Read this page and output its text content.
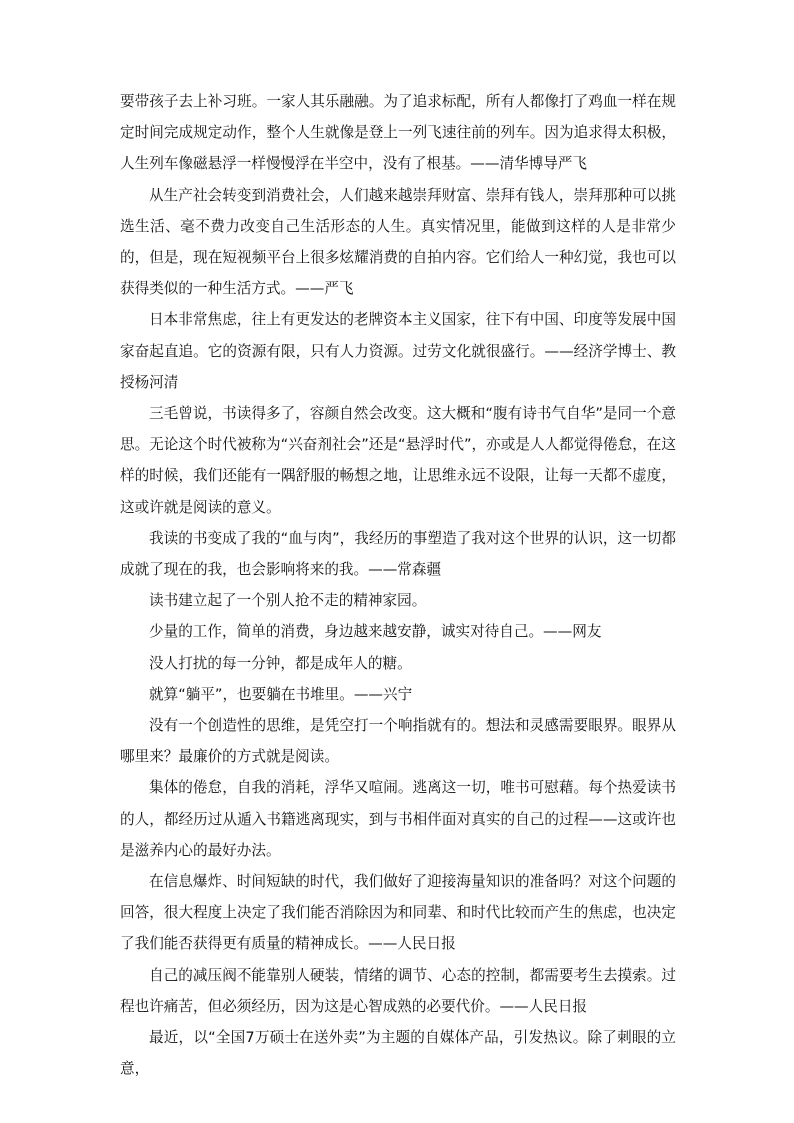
要带孩子去上补习班。一家人其乐融融。为了追求标配，所有人都像打了鸡血一样在规定时间完成规定动作，整个人生就像是登上一列飞速往前的列车。因为追求得太积极，人生列车像磁悬浮一样慢慢浮在半空中，没有了根基。——清华博导严飞

从生产社会转变到消费社会，人们越来越崇拜财富、崇拜有钱人，崇拜那种可以挑选生活、毫不费力改变自己生活形态的人生。真实情况里，能做到这样的人是非常少的，但是，现在短视频平台上很多炫耀消费的自拍内容。它们给人一种幻觉，我也可以获得类似的一种生活方式。——严飞

日本非常焦虑，往上有更发达的老牌资本主义国家，往下有中国、印度等发展中国家奋起直追。它的资源有限，只有人力资源。过劳文化就很盛行。——经济学博士、教授杨河清

三毛曾说，书读得多了，容颜自然会改变。这大概和“腹有诗书气自华”是同一个意思。无论这个时代被称为“兴奋剂社会”还是“悬浮时代”，亦或是人人都觉得倦怠，在这样的时候，我们还能有一隅舒服的畅想之地，让思维永远不设限，让每一天都不虚度，这或许就是阅读的意义。

我读的书变成了我的“血与肉”，我经历的事塑造了我对这个世界的认识，这一切都成就了现在的我，也会影响将来的我。——常森疆

读书建立起了一个别人抢不走的精神家园。

少量的工作，简单的消费，身边越来越安静，诚实对待自己。——网友

没人打扰的每一分钟，都是成年人的糖。

就算“躺平”，也要躺在书堆里。——兴宁

没有一个创造性的思维，是凭空打一个响指就有的。想法和灵感需要眼界。眼界从哪里来？最廉价的方式就是阅读。

集体的倦怠，自我的消耗，浮华又喧闹。逃离这一切，唯书可慰藉。每个热爱读书的人，都经历过从遁入书籍逃离现实，到与书相伴面对真实的自己的过程——这或许也是滋养内心的最好办法。

在信息爆炸、时间短缺的时代，我们做好了迎接海量知识的准备吗？对这个问题的回答，很大程度上决定了我们能否消除因为和同辈、和时代比较而产生的焦虑，也决定了我们能否获得更有质量的精神成长。——人民日报

自己的减压阀不能靠别人硬装，情绪的调节、心态的控制，都需要考生去摸索。过程也许痛苦，但必须经历，因为这是心智成熟的必要代价。——人民日报

最近，以“全国7万硕士在送外卖”为主题的自媒体产品，引发热议。除了刺眼的立意，
